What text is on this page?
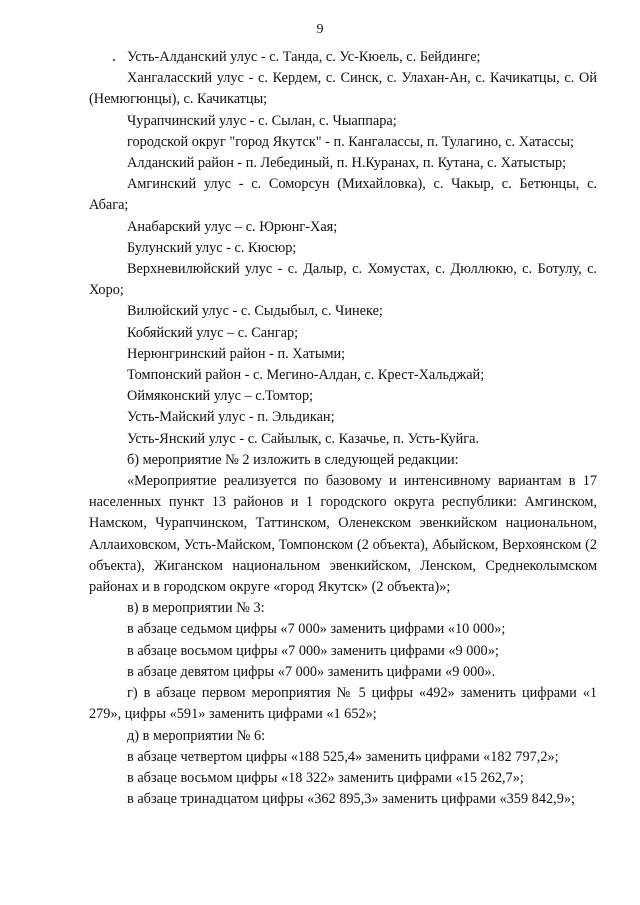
9

Усть-Алданский улус - с. Танда, с. Ус-Кюель, с. Бейдинге;

Хангаласский улус - с. Кердем, с. Синск, с. Улахан-Ан, с. Качикатцы, с. Ой (Немюгюнцы), с. Качикатцы;

Чурапчинский улус - с. Сылан, с. Чыаппара;

городской округ "город Якутск" - п. Кангалассы, п. Тулагино, с. Хатассы;

Алданский район - п. Лебединый, п. Н.Куранах, п. Кутана, с. Хатыстыр;

Амгинский улус - с. Соморсун (Михайловка), с. Чакыр, с. Бетюнцы, с. Абага;

Анабарский улус – с. Юрюнг-Хая;

Булунский улус - с. Кюсюр;

Верхневилюйский улус - с. Далыр, с. Хомустах, с. Дюллюкю, с. Ботулу, с. Хоро;

Вилюйский улус - с. Сыдыбыл, с. Чинеке;

Кобяйский улус – с. Сангар;

Нерюнгринский район - п. Хатыми;

Томпонский район - с. Мегино-Алдан, с. Крест-Хальджай;

Оймяконский улус – с.Томтор;

Усть-Майский улус - п. Эльдикан;

Усть-Янский улус - с. Сайылык, с. Казачье, п. Усть-Куйга.

б) мероприятие № 2 изложить в следующей редакции:

«Мероприятие реализуется по базовому и интенсивному вариантам в 17 населенных пункт 13 районов и 1 городского округа республики: Амгинском, Намском, Чурапчинском, Таттинском, Оленекском эвенкийском национальном, Аллаиховском, Усть-Майском, Томпонском (2 объекта), Абыйском, Верхоянском (2 объекта), Жиганском национальном эвенкийском, Ленском, Среднеколымском районах и в городском округе «город Якутск» (2 объекта)»;

в) в мероприятии № 3:

в абзаце седьмом цифры «7 000» заменить цифрами «10 000»;

в абзаце восьмом цифры «7 000» заменить цифрами «9 000»;

в абзаце девятом цифры «7 000» заменить цифрами «9 000».

г) в абзаце первом мероприятия № 5 цифры «492» заменить цифрами «1 279», цифры «591» заменить цифрами «1 652»;

д) в мероприятии № 6:

в абзаце четвертом цифры «188 525,4» заменить цифрами «182 797,2»;

в абзаце восьмом цифры «18 322» заменить цифрами «15 262,7»;

в абзаце тринадцатом цифры «362 895,3» заменить цифрами «359 842,9»;
